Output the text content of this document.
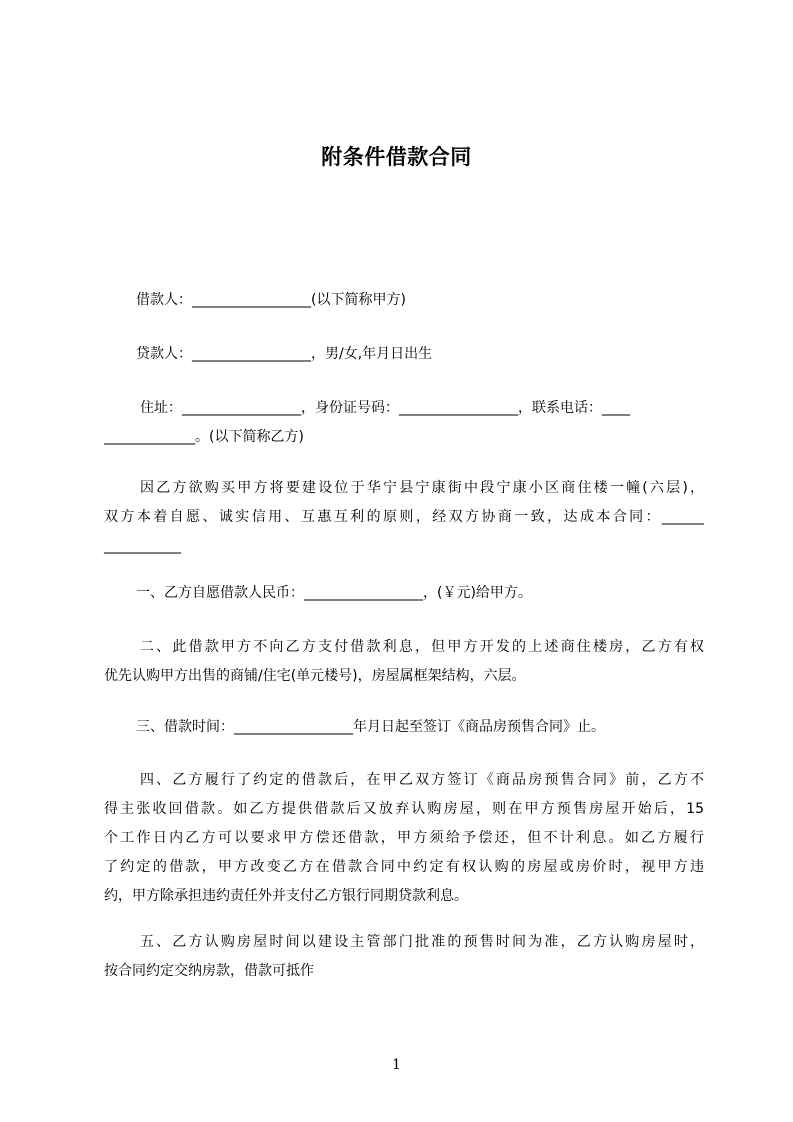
附条件借款合同
借款人：_________________(以下简称甲方)
贷款人：_________________，男/女,年月日出生
住址：_________________，身份证号码：_________________，联系电话：____
_____________。(以下简称乙方)
因乙方欲购买甲方将要建设位于华宁县宁康街中段宁康小区商住楼一幢(六层)，
双方本着自愿、诚实信用、互惠互利的原则，经双方协商一致，达成本合同：______
___________
一、乙方自愿借款人民币：_________________，(￥元)给甲方。
二、此借款甲方不向乙方支付借款利息，但甲方开发的上述商住楼房，乙方有权
优先认购甲方出售的商铺/住宅(单元楼号)，房屋属框架结构，六层。
三、借款时间：_________________年月日起至签订《商品房预售合同》止。
四、乙方履行了约定的借款后，在甲乙双方签订《商品房预售合同》前，乙方不
得主张收回借款。如乙方提供借款后又放弃认购房屋，则在甲方预售房屋开始后，15
个工作日内乙方可以要求甲方偿还借款，甲方须给予偿还，但不计利息。如乙方履行
了约定的借款，甲方改变乙方在借款合同中约定有权认购的房屋或房价时，视甲方违
约，甲方除承担违约责任外并支付乙方银行同期贷款利息。
五、乙方认购房屋时间以建设主管部门批准的预售时间为准，乙方认购房屋时，
按合同约定交纳房款，借款可抵作
1
